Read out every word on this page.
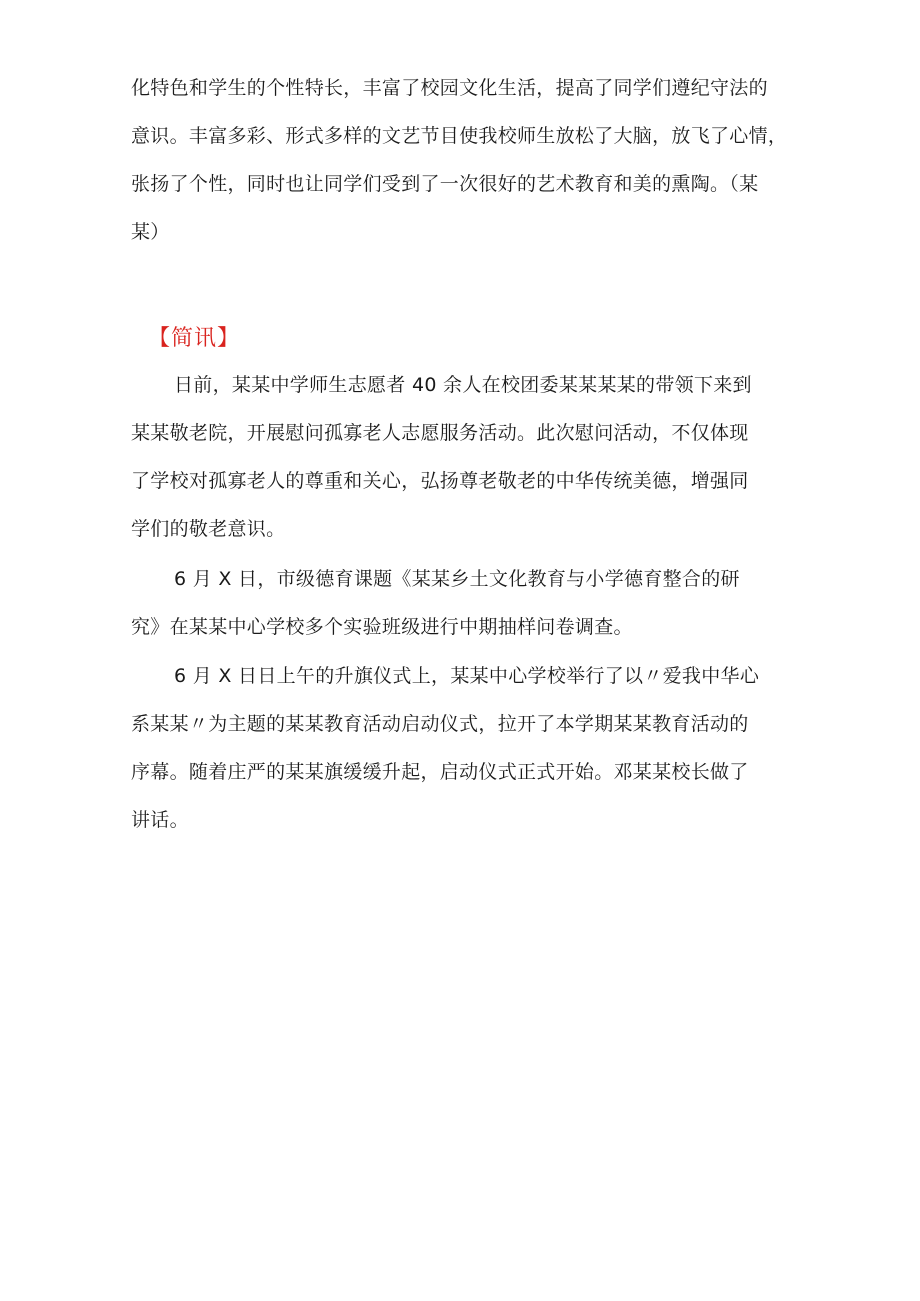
化特色和学生的个性特长，丰富了校园文化生活，提高了同学们遵纪守法的
意识。丰富多彩、形式多样的文艺节目使我校师生放松了大脑，放飞了心情，
张扬了个性，同时也让同学们受到了一次很好的艺术教育和美的熏陶。（某
某）
【简讯】
日前，某某中学师生志愿者 40 余人在校团委某某某某的带领下来到
某某敬老院，开展慰问孤寡老人志愿服务活动。此次慰问活动，不仅体现
了学校对孤寡老人的尊重和关心，弘扬尊老敬老的中华传统美德，增强同
学们的敬老意识。
6 月 X 日，市级德育课题《某某乡土文化教育与小学德育整合的研
究》在某某中心学校多个实验班级进行中期抽样问卷调查。
6 月 X 日日上午的升旗仪式上，某某中心学校举行了以〃爱我中华心
系某某〃为主题的某某教育活动启动仪式，拉开了本学期某某教育活动的
序幕。随着庄严的某某旗缓缓升起，启动仪式正式开始。邓某某校长做了
讲话。
